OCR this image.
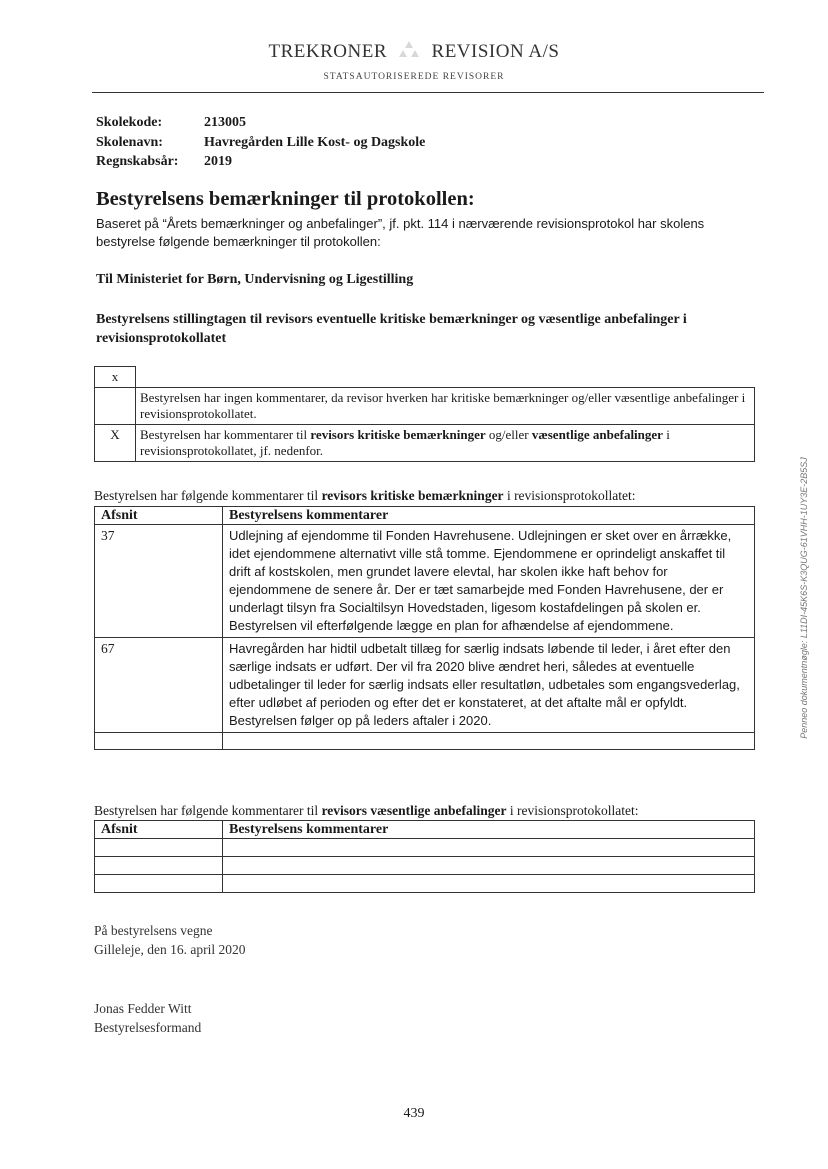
TREKRONER REVISION A/S
STATSAUTORISEREDE REVISORER
Skolekode:	213005
Skolenavn:	Havregården Lille Kost- og Dagskole
Regnskabsår:	2019
Bestyrelsens bemærkninger til protokollen:
Baseret på “Årets bemærkninger og anbefalinger”, jf. pkt. 114 i nærværende revisionsprotokol har skolens bestyrelse følgende bemærkninger til protokollen:
Til Ministeriet for Børn, Undervisning og Ligestilling
Bestyrelsens stillingtagen til revisors eventuelle kritiske bemærkninger og væsentlige anbefalinger i revisionsprotokollatet
x	
	Bestyrelsen har ingen kommentarer, da revisor hverken har kritiske bemærkninger og/eller væsentlige anbefalinger i revisionsprotokollatet.
X	Bestyrelsen har kommentarer til revisors kritiske bemærkninger og/eller væsentlige anbefalinger i revisionsprotokollatet, jf. nedenfor.
Bestyrelsen har følgende kommentarer til revisors kritiske bemærkninger i revisionsprotokollatet:
Afsnit	Bestyrelsens kommentarer
37	Udlejning af ejendomme til Fonden Havrehusene. Udlejningen er sket over en årrække, idet ejendommene alternativt ville stå tomme. Ejendommene er oprindeligt anskaffet til drift af kostskolen, men grundet lavere elevtal, har skolen ikke haft behov for ejendommene de senere år. Der er tæt samarbejde med Fonden Havrehusene, der er underlagt tilsyn fra Socialtilsyn Hovedstaden, ligesom kostafdelingen på skolen er. Bestyrelsen vil efterfølgende lægge en plan for afhændelse af ejendommene.
67	Havregården har hidtil udbetalt tillæg for særlig indsats løbende til leder, i året efter den særlige indsats er udført. Der vil fra 2020 blive ændret heri, således at eventuelle udbetalinger til leder for særlig indsats eller resultatløn, udbetales som engangsvederlag, efter udløbet af perioden og efter det er konstateret, at det aftalte mål er opfyldt. Bestyrelsen følger op på leders aftaler i 2020.

Bestyrelsen har følgende kommentarer til revisors væsentlige anbefalinger i revisionsprotokollatet:
Afsnit	Bestyrelsens kommentarer

På bestyrelsens vegne
Gilleleje, den 16. april 2020
Jonas Fedder Witt
Bestyrelsesformand
439
Penneo dokumentnøgle: L11DI-45K6S-K3QUG-61VHH-1UY3E-2B5SJ
